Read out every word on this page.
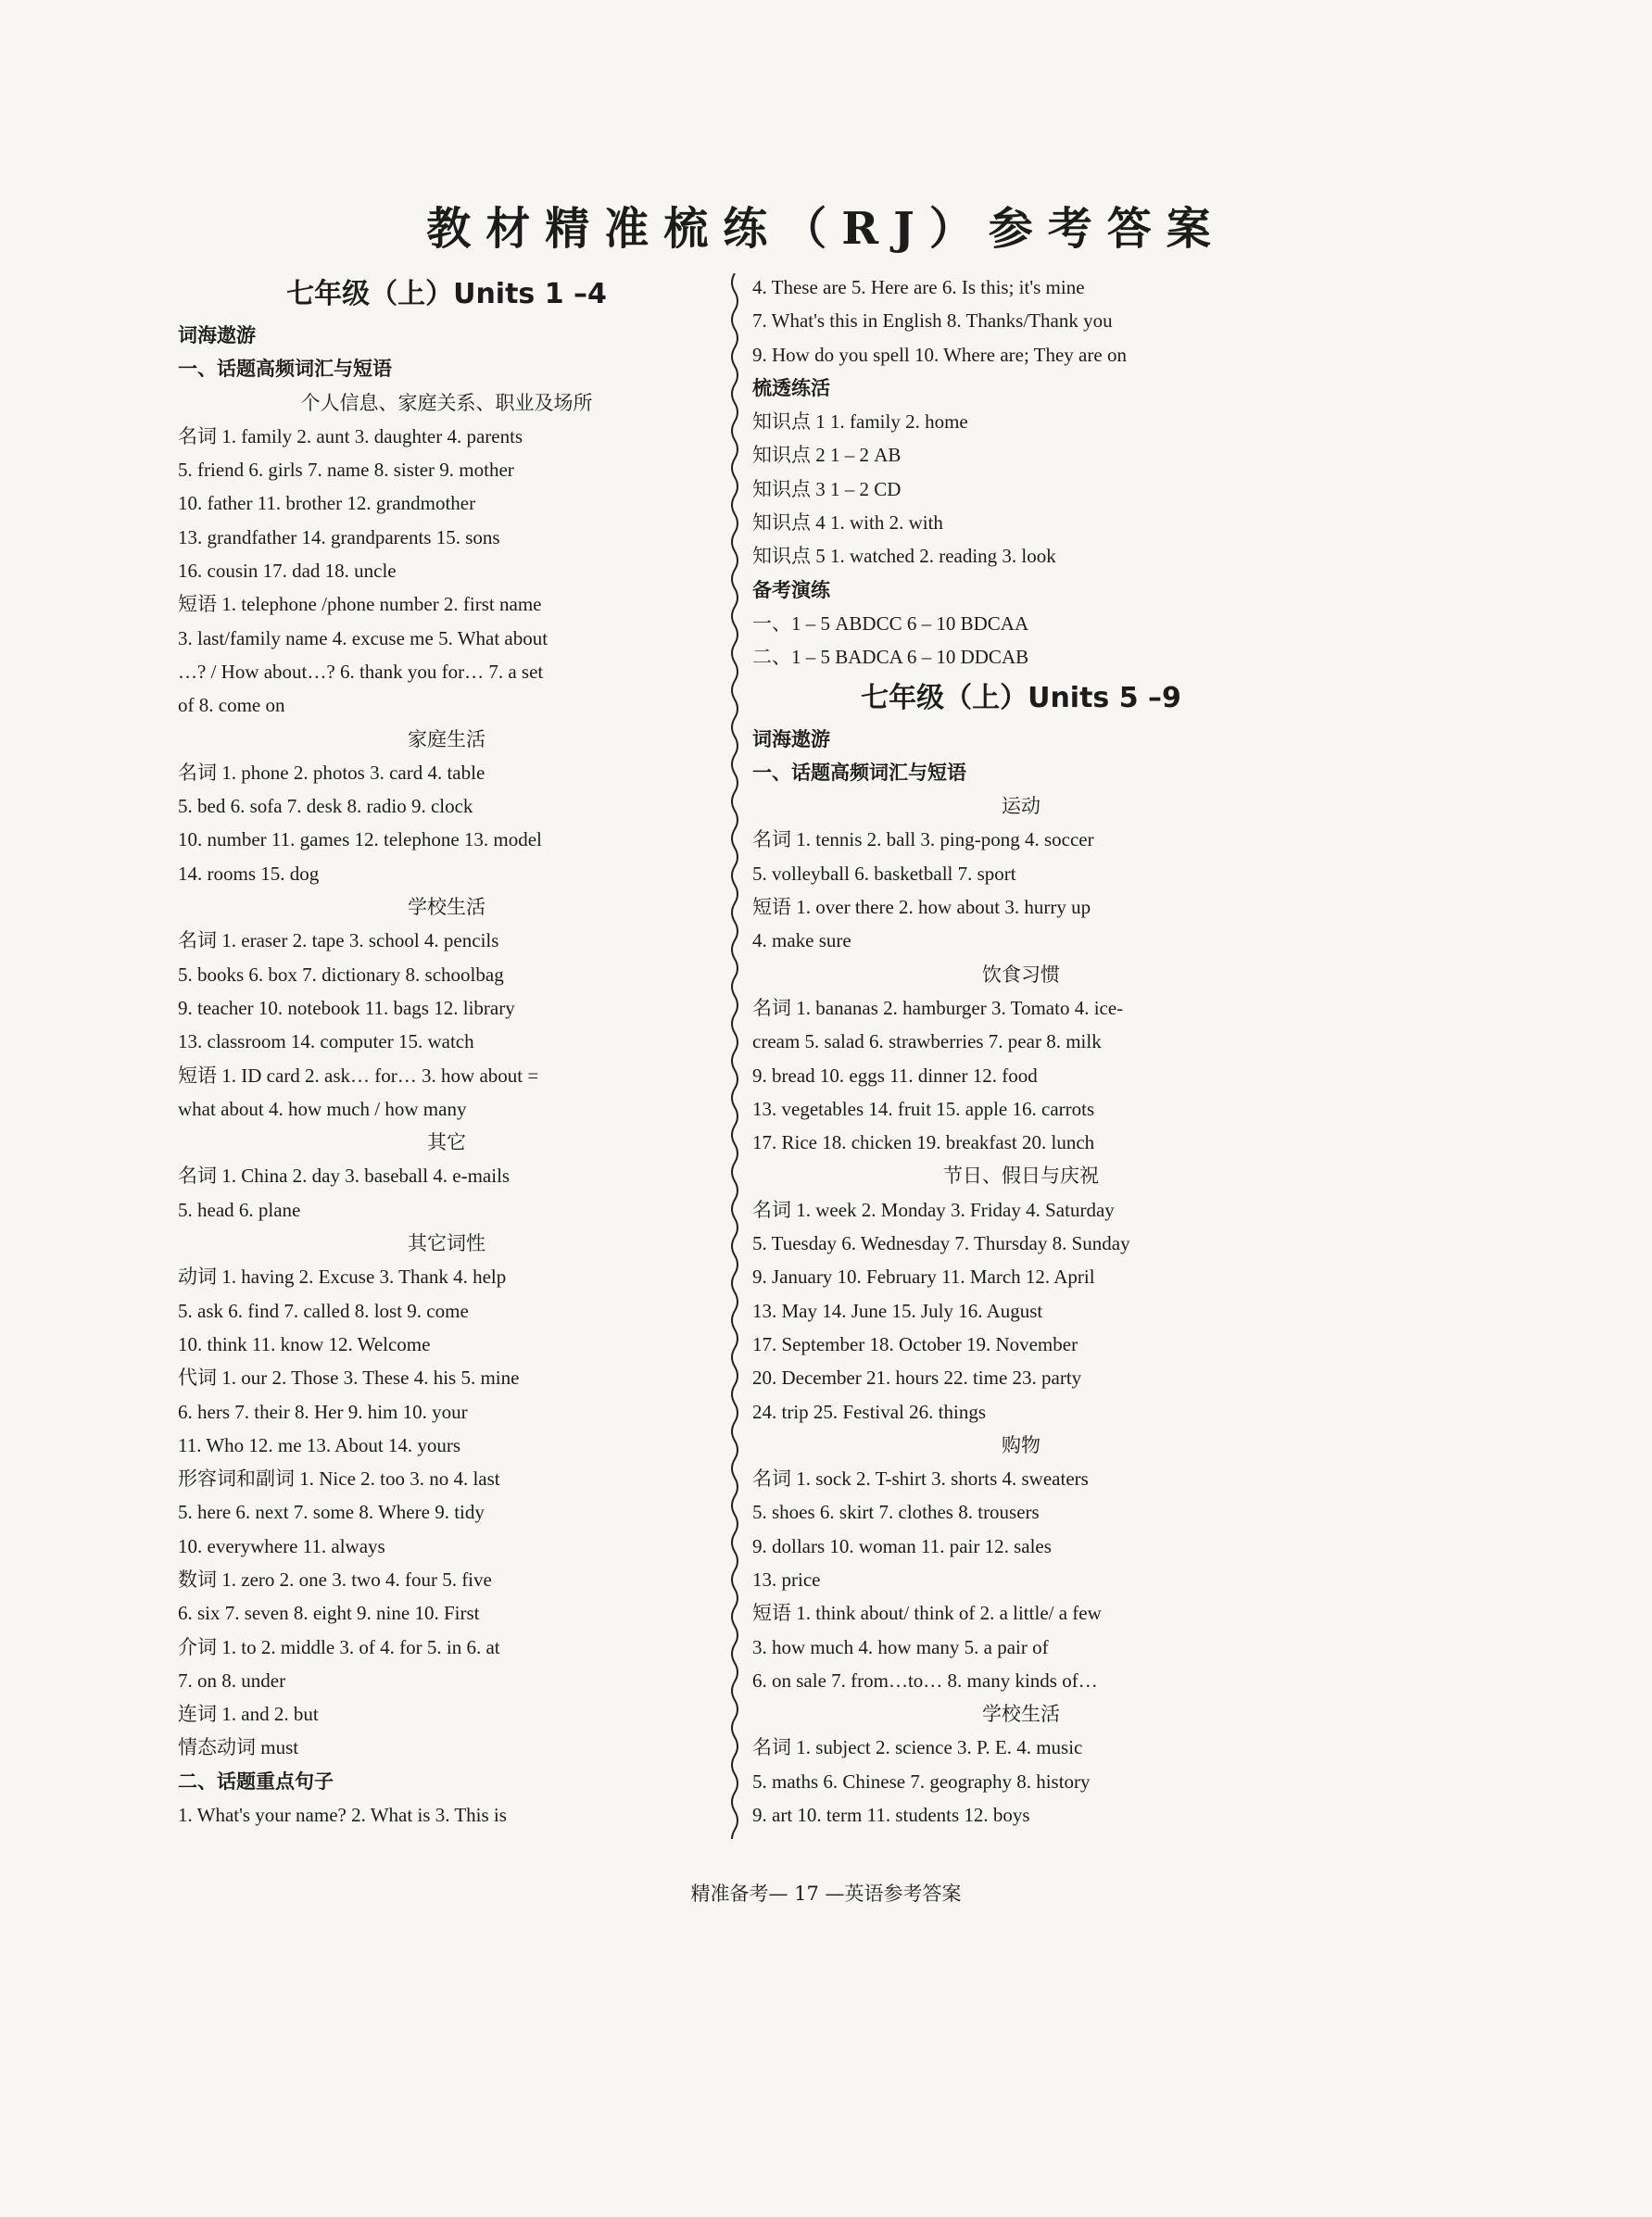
教材精准梳练（RJ）参考答案
七年级（上）Units 1 –4
词海遨游
一、话题高频词汇与短语
个人信息、家庭关系、职业及场所
名词 1. family 2. aunt 3. daughter 4. parents
5. friend 6. girls 7. name 8. sister 9. mother
10. father 11. brother 12. grandmother
13. grandfather 14. grandparents 15. sons
16. cousin 17. dad 18. uncle
短语 1. telephone /phone number 2. first name
3. last/family name 4. excuse me 5. What about
…? / How about…? 6. thank you for… 7. a set
of 8. come on
家庭生活
名词 1. phone 2. photos 3. card 4. table
5. bed 6. sofa 7. desk 8. radio 9. clock
10. number 11. games 12. telephone 13. model
14. rooms 15. dog
学校生活
名词 1. eraser 2. tape 3. school 4. pencils
5. books 6. box 7. dictionary 8. schoolbag
9. teacher 10. notebook 11. bags 12. library
13. classroom 14. computer 15. watch
短语 1. ID card 2. ask… for… 3. how about =
what about 4. how much / how many
其它
名词 1. China 2. day 3. baseball 4. e-mails
5. head 6. plane
其它词性
动词 1. having 2. Excuse 3. Thank 4. help
5. ask 6. find 7. called 8. lost 9. come
10. think 11. know 12. Welcome
代词 1. our 2. Those 3. These 4. his 5. mine
6. hers 7. their 8. Her 9. him 10. your
11. Who 12. me 13. About 14. yours
形容词和副词 1. Nice 2. too 3. no 4. last
5. here 6. next 7. some 8. Where 9. tidy
10. everywhere 11. always
数词 1. zero 2. one 3. two 4. four 5. five
6. six 7. seven 8. eight 9. nine 10. First
介词 1. to 2. middle 3. of 4. for 5. in 6. at
7. on 8. under
连词 1. and 2. but
情态动词 must
二、话题重点句子
1. What's your name? 2. What is 3. This is
4. These are 5. Here are 6. Is this; it's mine
7. What's this in English 8. Thanks/Thank you
9. How do you spell 10. Where are; They are on
梳透练活
知识点 1 1. family 2. home
知识点 2 1 – 2 AB
知识点 3 1 – 2 CD
知识点 4 1. with 2. with
知识点 5 1. watched 2. reading 3. look
备考演练
一、1 – 5 ABDCC 6 – 10 BDCAA
二、1 – 5 BADCA 6 – 10 DDCAB
七年级（上）Units 5 –9
词海遨游
一、话题高频词汇与短语
运动
名词 1. tennis 2. ball 3. ping-pong 4. soccer
5. volleyball 6. basketball 7. sport
短语 1. over there 2. how about 3. hurry up
4. make sure
饮食习惯
名词 1. bananas 2. hamburger 3. Tomato 4. ice-
cream 5. salad 6. strawberries 7. pear 8. milk
9. bread 10. eggs 11. dinner 12. food
13. vegetables 14. fruit 15. apple 16. carrots
17. Rice 18. chicken 19. breakfast 20. lunch
节日、假日与庆祝
名词 1. week 2. Monday 3. Friday 4. Saturday
5. Tuesday 6. Wednesday 7. Thursday 8. Sunday
9. January 10. February 11. March 12. April
13. May 14. June 15. July 16. August
17. September 18. October 19. November
20. December 21. hours 22. time 23. party
24. trip 25. Festival 26. things
购物
名词 1. sock 2. T-shirt 3. shorts 4. sweaters
5. shoes 6. skirt 7. clothes 8. trousers
9. dollars 10. woman 11. pair 12. sales
13. price
短语 1. think about/ think of 2. a little/ a few
3. how much 4. how many 5. a pair of
6. on sale 7. from…to… 8. many kinds of…
学校生活
名词 1. subject 2. science 3. P. E. 4. music
5. maths 6. Chinese 7. geography 8. history
9. art 10. term 11. students 12. boys
精准备考— 17 —英语参考答案
